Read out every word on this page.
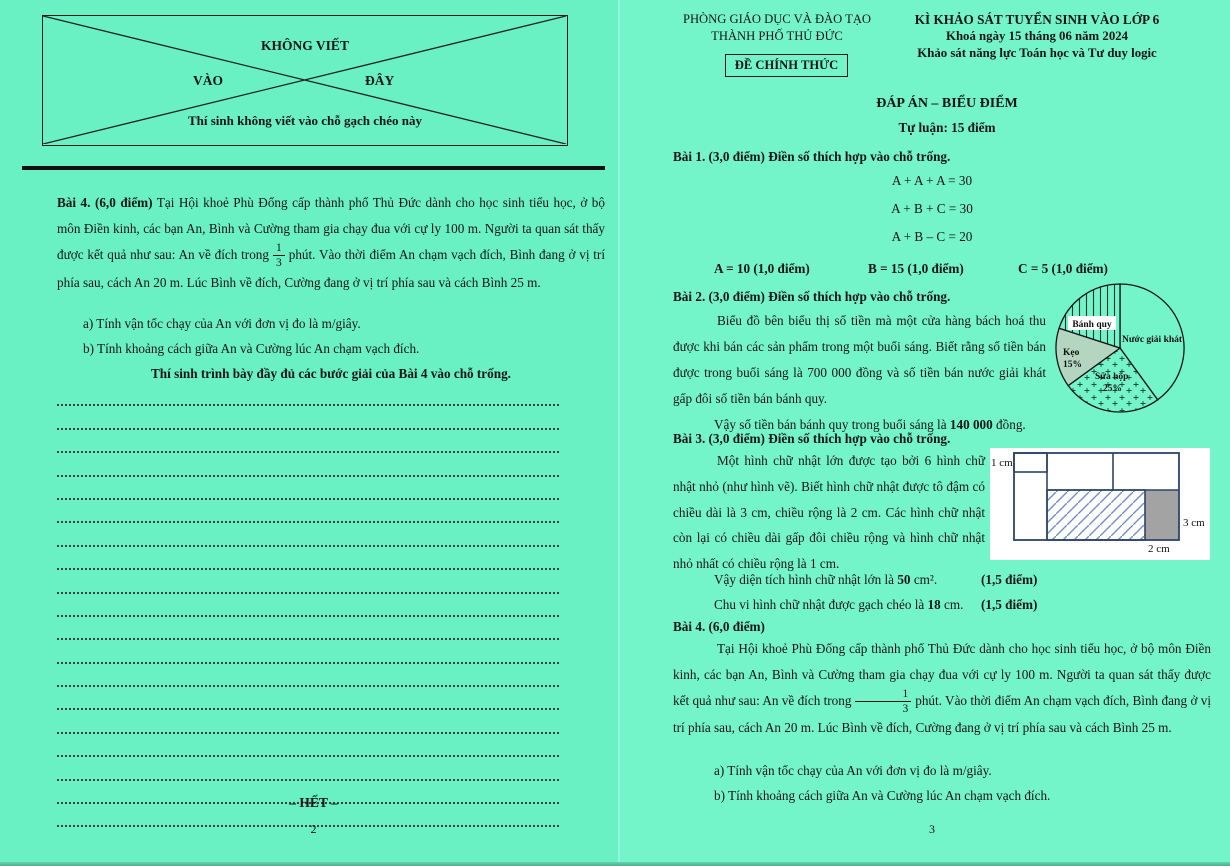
KHÔNG VIẾT
VÀO	ĐÂY
Thí sinh không viết vào chỗ gạch chéo này
Bài 4. (6,0 điểm) Tại Hội khoẻ Phù Đổng cấp thành phố Thủ Đức dành cho học sinh tiểu học, ở bộ môn Điền kinh, các bạn An, Bình và Cường tham gia chạy đua với cự ly 100 m. Người ta quan sát thấy được kết quả như sau: An về đích trong $\frac{1}{3}$ phút. Vào thời điểm An chạm vạch đích, Bình đang ở vị trí phía sau, cách An 20 m. Lúc Bình về đích, Cường đang ở vị trí phía sau và cách Bình 25 m.
a) Tính vận tốc chạy của An với đơn vị đo là m/giây.
b) Tính khoảng cách giữa An và Cường lúc An chạm vạch đích.
Thí sinh trình bày đầy đủ các bước giải của Bài 4 vào chỗ trống.
– HẾT –
2
PHÒNG GIÁO DỤC VÀ ĐÀO TẠO
THÀNH PHỐ THỦ ĐỨC
ĐỀ CHÍNH THỨC
KÌ KHẢO SÁT TUYỂN SINH VÀO LỚP 6
Khoá ngày 15 tháng 06 năm 2024
Khảo sát năng lực Toán học và Tư duy logic
ĐÁP ÁN – BIỂU ĐIỂM
Tự luận: 15 điểm
Bài 1. (3,0 điểm) Điền số thích hợp vào chỗ trống.
A + A + A = 30
A + B + C = 30
A + B – C = 20
A = 10 (1,0 điểm)	B = 15 (1,0 điểm)	C = 5 (1,0 điểm)
Bài 2. (3,0 điểm) Điền số thích hợp vào chỗ trống.
Biểu đồ bên biểu thị số tiền mà một cửa hàng bách hoá thu được khi bán các sản phẩm trong một buổi sáng. Biết rằng số tiền bán được trong buổi sáng là 700 000 đồng và số tiền bán nước giải khát gấp đôi số tiền bán bánh quy.
Vậy số tiền bán bánh quy trong buổi sáng là 140 000 đồng.
Bánh quy
Nước giải khát
Kẹo
15%
Sữa hộp
25%
Bài 3. (3,0 điểm) Điền số thích hợp vào chỗ trống.
Một hình chữ nhật lớn được tạo bởi 6 hình chữ nhật nhỏ (như hình vẽ). Biết hình chữ nhật được tô đậm có chiều dài là 3 cm, chiều rộng là 2 cm. Các hình chữ nhật còn lại có chiều dài gấp đôi chiều rộng và hình chữ nhật nhỏ nhất có chiều rộng là 1 cm.
1 cm
3 cm
2 cm
Vậy diện tích hình chữ nhật lớn là 50 cm².	(1,5 điểm)
Chu vi hình chữ nhật được gạch chéo là 18 cm. (1,5 điểm)
Bài 4. (6,0 điểm)
Tại Hội khoẻ Phù Đổng cấp thành phố Thủ Đức dành cho học sinh tiểu học, ở bộ môn Điền kinh, các bạn An, Bình và Cường tham gia chạy đua với cự ly 100 m. Người ta quan sát thấy được kết quả như sau: An về đích trong $\frac{1}{3}$ phút. Vào thời điểm An chạm vạch đích, Bình đang ở vị trí phía sau, cách An 20 m. Lúc Bình về đích, Cường đang ở vị trí phía sau và cách Bình 25 m.
a) Tính vận tốc chạy của An với đơn vị đo là m/giây.
b) Tính khoảng cách giữa An và Cường lúc An chạm vạch đích.
3
